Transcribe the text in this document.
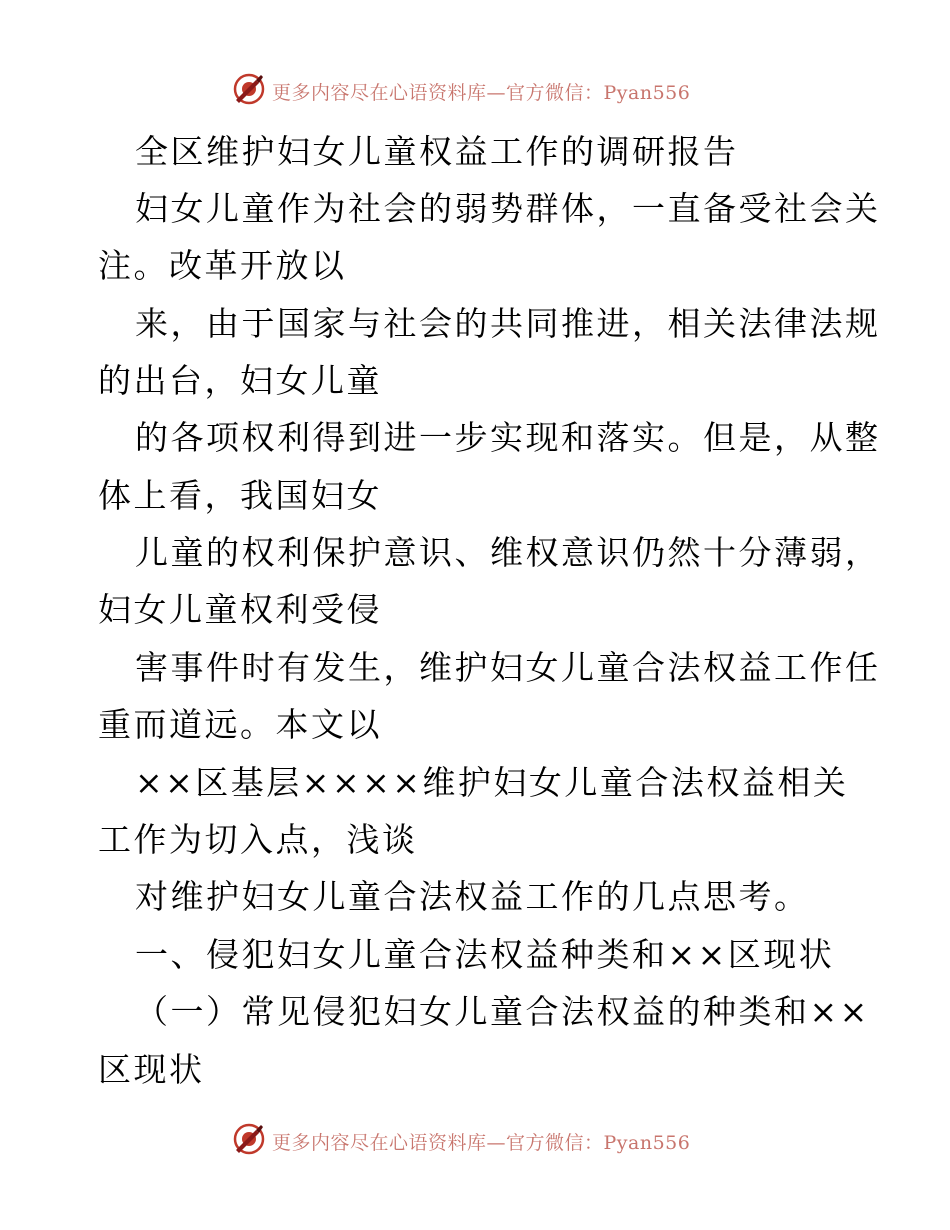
更多内容尽在心语资料库—官方微信：Pyan556
全区维护妇女儿童权益工作的调研报告
妇女儿童作为社会的弱势群体，一直备受社会关
注。改革开放以
来，由于国家与社会的共同推进，相关法律法规
的出台，妇女儿童
的各项权利得到进一步实现和落实。但是，从整
体上看，我国妇女
儿童的权利保护意识、维权意识仍然十分薄弱，
妇女儿童权利受侵
害事件时有发生，维护妇女儿童合法权益工作任
重而道远。本文以
××区基层××××维护妇女儿童合法权益相关
工作为切入点，浅谈
对维护妇女儿童合法权益工作的几点思考。
一、侵犯妇女儿童合法权益种类和××区现状
（一）常见侵犯妇女儿童合法权益的种类和××
区现状
更多内容尽在心语资料库—官方微信：Pyan556
